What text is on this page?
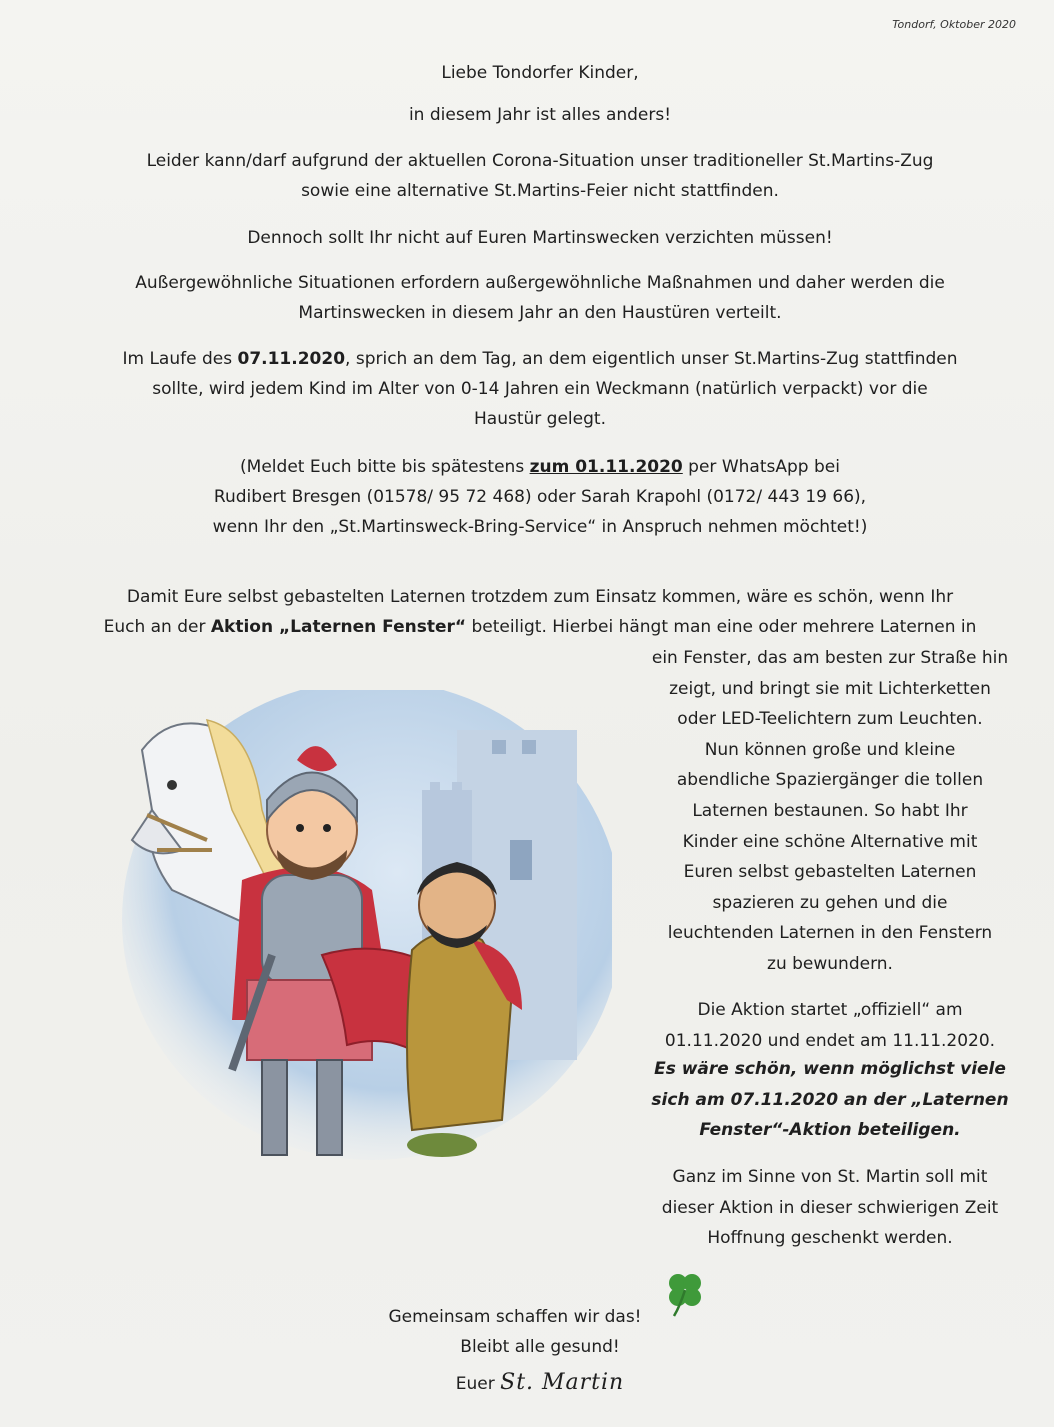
Tondorf, Oktober 2020

Liebe Tondorfer Kinder,

in diesem Jahr ist alles anders!

Leider kann/darf aufgrund der aktuellen Corona-Situation unser traditioneller St.Martins-Zug

sowie eine alternative St.Martins-Feier nicht stattfinden.

Dennoch sollt Ihr nicht auf Euren Martinswecken verzichten müssen!

Außergewöhnliche Situationen erfordern außergewöhnliche Maßnahmen und daher werden die

Martinswecken in diesem Jahr an den Haustüren verteilt.

Im Laufe des 07.11.2020, sprich an dem Tag, an dem eigentlich unser St.Martins-Zug stattfinden

sollte, wird jedem Kind im Alter von 0-14 Jahren ein Weckmann (natürlich verpackt) vor die

Haustür gelegt.

(Meldet Euch bitte bis spätestens zum 01.11.2020 per WhatsApp bei

Rudibert Bresgen (01578/ 95 72 468) oder Sarah Krapohl (0172/ 443 19 66),

wenn Ihr den „St.Martinsweck-Bring-Service“ in Anspruch nehmen möchtet!)

Damit Eure selbst gebastelten Laternen trotzdem zum Einsatz kommen, wäre es schön, wenn Ihr

Euch an der Aktion „Laternen Fenster“ beteiligt. Hierbei hängt man eine oder mehrere Laternen in

ein Fenster, das am besten zur Straße hin

zeigt, und bringt sie mit Lichterketten

oder LED-Teelichtern zum Leuchten.

Nun können große und kleine

abendliche Spaziergänger die tollen

Laternen bestaunen. So habt Ihr

Kinder eine schöne Alternative mit

Euren selbst gebastelten Laternen

spazieren zu gehen und die

leuchtenden Laternen in den Fenstern

zu bewundern.

Die Aktion startet „offiziell“ am

01.11.2020 und endet am 11.11.2020.

Es wäre schön, wenn möglichst viele

sich am 07.11.2020 an der „Laternen

Fenster“-Aktion beteiligen.

Ganz im Sinne von St. Martin soll mit

dieser Aktion in dieser schwierigen Zeit

Hoffnung geschenkt werden.

Gemeinsam schaffen wir das!
Bleibt alle gesund!
Euer St. Martin
